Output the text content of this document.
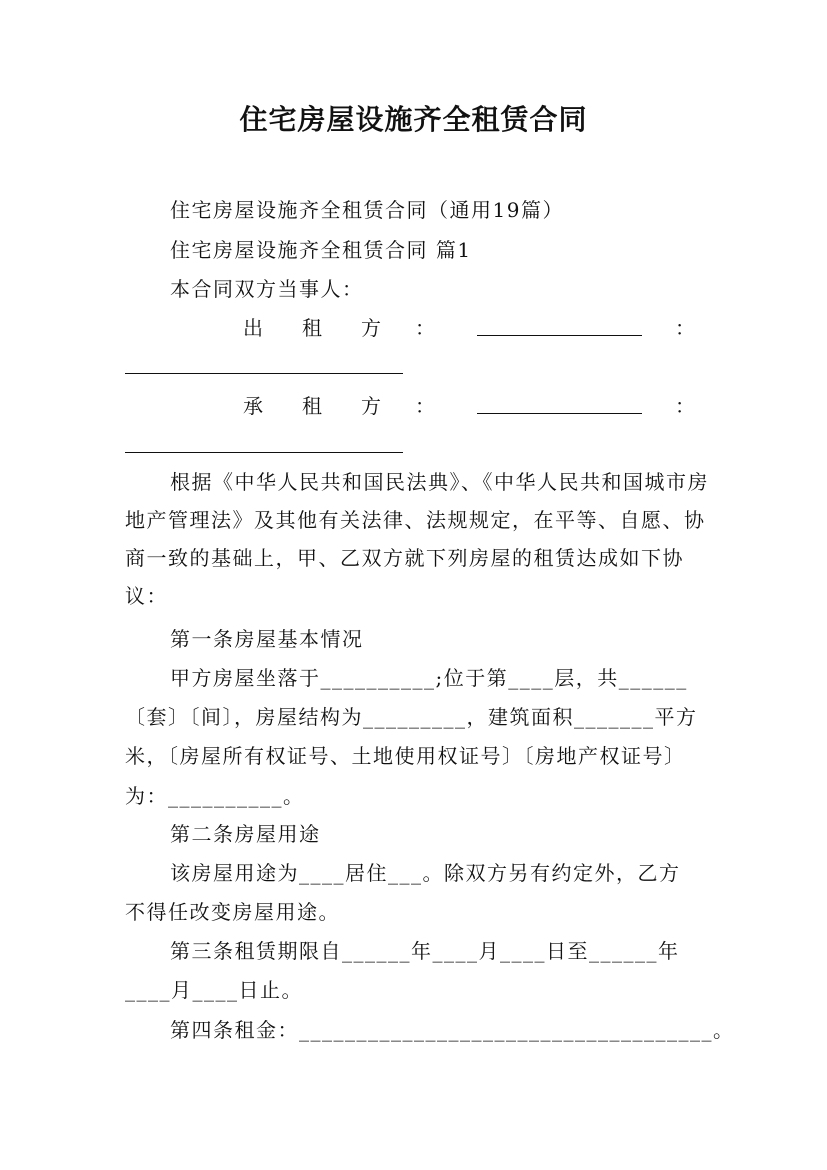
住宅房屋设施齐全租赁合同
住宅房屋设施齐全租赁合同（通用19篇）
住宅房屋设施齐全租赁合同 篇1
本合同双方当事人：
出 租 方 ：	：
承 租 方 ：	：

根据《中华人民共和国民法典》、《中华人民共和国城市房地产管理法》及其他有关法律、法规规定，在平等、自愿、协商一致的基础上，甲、乙双方就下列房屋的租赁达成如下协议：

第一条房屋基本情况
甲方房屋坐落于__________;位于第____层，共______
〔套〕〔间〕，房屋结构为_________，建筑面积_______平方
米，〔房屋所有权证号、土地使用权证号〕〔房地产权证号〕
为：__________。
第二条房屋用途
该房屋用途为____居住___。除双方另有约定外，乙方
不得任改变房屋用途。
第三条租赁期限自______年____月____日至______年
____月____日止。
第四条租金：____________________________________。
